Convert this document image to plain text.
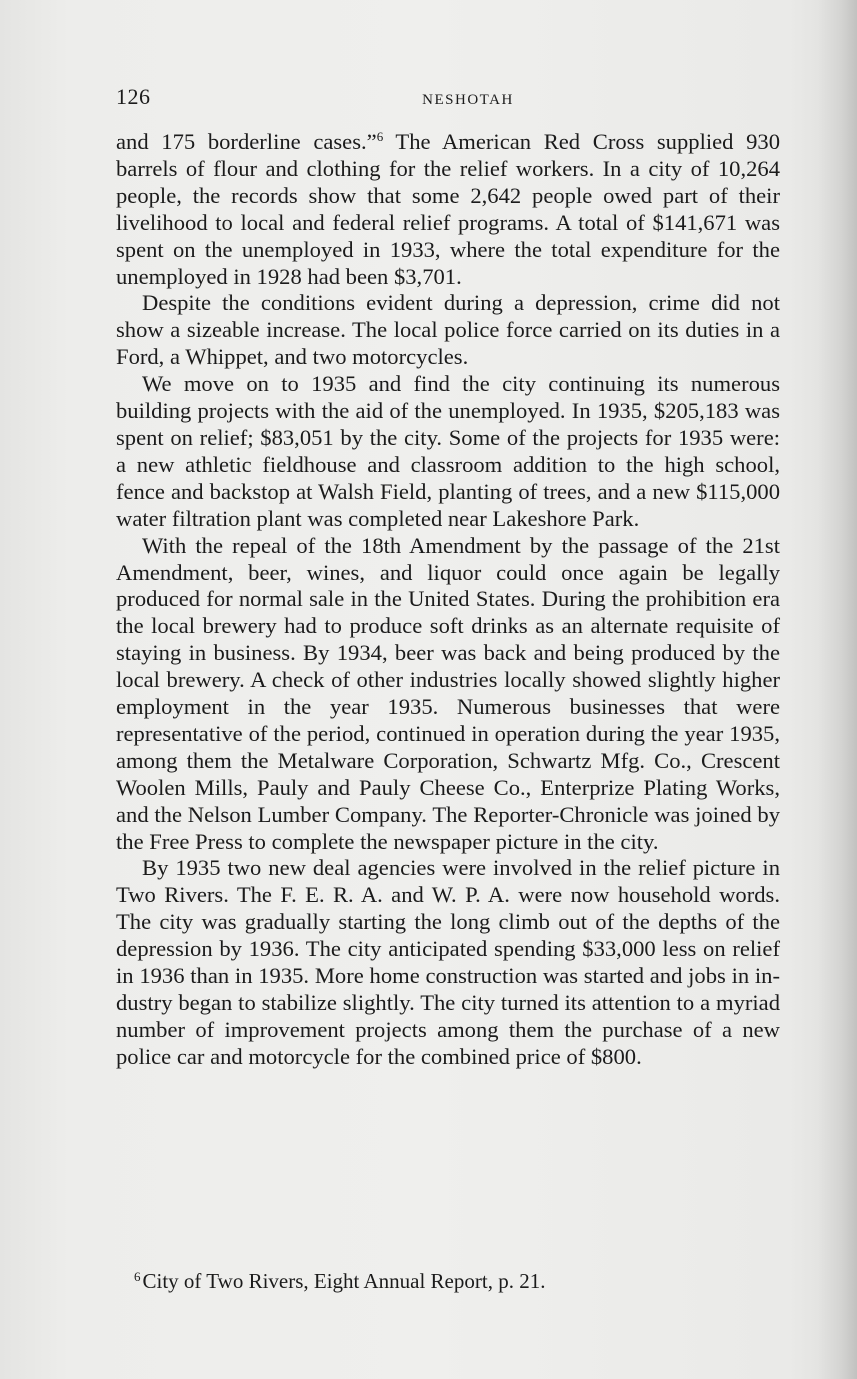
126	NESHOTAH

and 175 borderline cases.”$^6$ The American Red Cross supplied 930 barrels of flour and clothing for the relief workers. In a city of 10,264 people, the records show that some 2,642 people owed part of their livelihood to local and federal relief programs. A total of $141,671 was spent on the unemployed in 1933, where the total expenditure for the unemployed in 1928 had been $3,701.

Despite the conditions evident during a depression, crime did not show a sizeable increase. The local police force carried on its duties in a Ford, a Whippet, and two motorcycles.

We move on to 1935 and find the city continuing its numerous building projects with the aid of the unemployed. In 1935, $205,183 was spent on relief; $83,051 by the city. Some of the projects for 1935 were: a new athletic fieldhouse and classroom addition to the high school, fence and backstop at Walsh Field, planting of trees, and a new $115,000 water filtration plant was completed near Lakeshore Park.

With the repeal of the 18th Amendment by the passage of the 21st Amendment, beer, wines, and liquor could once again be legally produced for normal sale in the United States. During the prohibition era the local brewery had to produce soft drinks as an alternate requisite of staying in business. By 1934, beer was back and being produced by the local brewery. A check of other industries locally showed slightly higher employment in the year 1935. Numerous businesses that were representative of the period, continued in operation during the year 1935, among them the Metalware Corporation, Schwartz Mfg. Co., Crescent Woolen Mills, Pauly and Pauly Cheese Co., Enterprize Plating Works, and the Nelson Lumber Company. The Reporter-Chronicle was joined by the Free Press to complete the newspaper picture in the city.

By 1935 two new deal agencies were involved in the relief picture in Two Rivers. The F. E. R. A. and W. P. A. were now household words. The city was gradually starting the long climb out of the depths of the depression by 1936. The city anticipated spending $33,000 less on relief in 1936 than in 1935. More home construction was started and jobs in industry began to stabilize slightly. The city turned its attention to a myriad number of improvement projects among them the purchase of a new police car and motorcycle for the combined price of $800.

$^6$City of Two Rivers, Eight Annual Report, p. 21.
